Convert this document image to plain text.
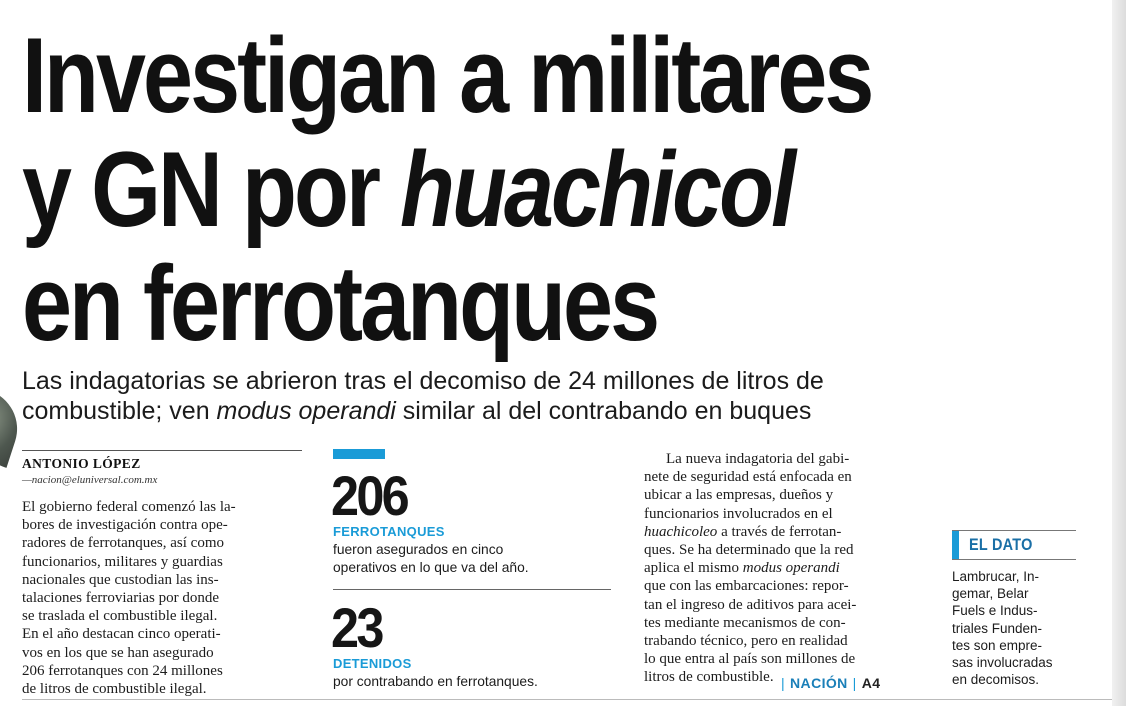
Investigan a militares
y GN por huachicol
en ferrotanques

Las indagatorias se abrieron tras el decomiso de 24 millones de litros de
combustible; ven modus operandi similar al del contrabando en buques

ANTONIO LÓPEZ
—nacion@eluniversal.com.mx

El gobierno federal comenzó las la-
bores de investigación contra ope-
radores de ferrotanques, así como
funcionarios, militares y guardias
nacionales que custodian las ins-
talaciones ferroviarias por donde
se traslada el combustible ilegal.

En el año destacan cinco operati-
vos en los que se han asegurado
206 ferrotanques con 24 millones
de litros de combustible ilegal.

206
FERROTANQUES
fueron asegurados en cinco
operativos en lo que va del año.
23
DETENIDOS
por contrabando en ferrotanques.

La nueva indagatoria del gabi-
nete de seguridad está enfocada en
ubicar a las empresas, dueños y
funcionarios involucrados en el
huachicoleo a través de ferrotan-
ques. Se ha determinado que la red
aplica el mismo modus operandi
que con las embarcaciones: repor-
tan el ingreso de aditivos para acei-
tes mediante mecanismos de con-
trabando técnico, pero en realidad
lo que entra al país son millones de
litros de combustible. | NACIÓN | A4
EL DATO
Lambrucar, In-
gemar, Belar
Fuels e Indus-
triales Funden-
tes son empre-
sas involucradas
en decomisos.
